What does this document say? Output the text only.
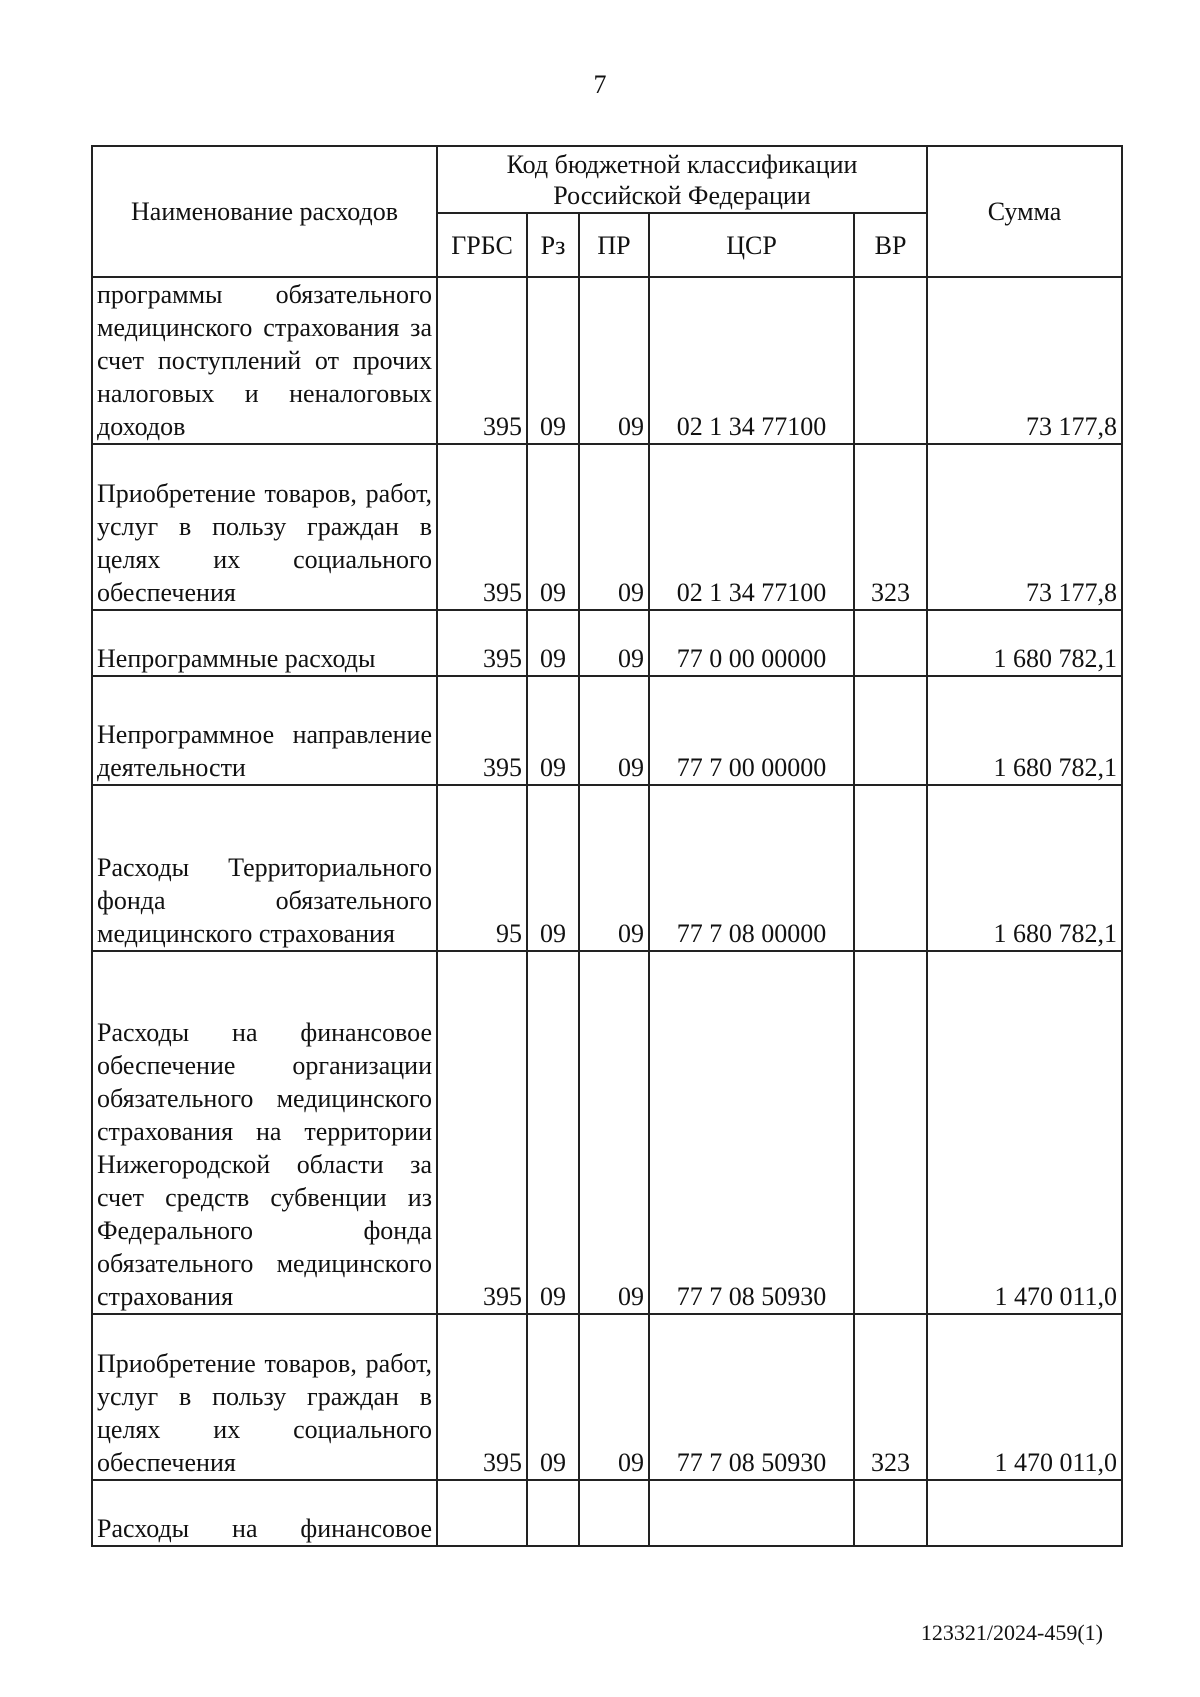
7
Наименование расходов	Код бюджетной классификации Российской Федерации					Сумма
	ГРБС	Рз	ПР	ЦСР	ВР	
программы обязательного медицинского страхования за счет поступлений от прочих налоговых и неналоговых доходов	395	09	09	02 1 34 77100		73 177,8
Приобретение товаров, работ, услуг в пользу граждан в целях их социального обеспечения	395	09	09	02 1 34 77100	323	73 177,8
Непрограммные расходы	395	09	09	77 0 00 00000		1 680 782,1
Непрограммное направление деятельности	395	09	09	77 7 00 00000		1 680 782,1
Расходы Территориального фонда обязательного медицинского страхования	95	09	09	77 7 08 00000		1 680 782,1
Расходы на финансовое обеспечение организации обязательного медицинского страхования на территории Нижегородской области за счет средств субвенции из Федерального фонда обязательного медицинского страхования	395	09	09	77 7 08 50930		1 470 011,0
Приобретение товаров, работ, услуг в пользу граждан в целях их социального обеспечения	395	09	09	77 7 08 50930	323	1 470 011,0
Расходы на финансовое						
123321/2024-459(1)
